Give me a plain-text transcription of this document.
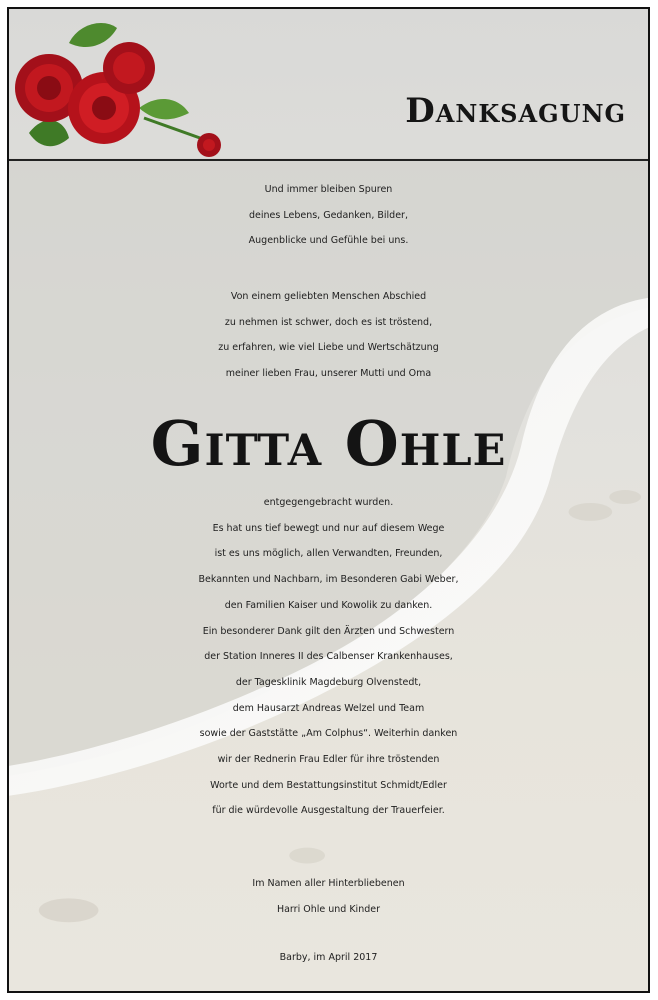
Danksagung
Und immer bleiben Spuren
deines Lebens, Gedanken, Bilder,
Augenblicke und Gefühle bei uns.
Von einem geliebten Menschen Abschied
zu nehmen ist schwer, doch es ist tröstend,
zu erfahren, wie viel Liebe und Wertschätzung
meiner lieben Frau, unserer Mutti und Oma
Gitta Ohle
entgegengebracht wurden.
Es hat uns tief bewegt und nur auf diesem Wege
ist es uns möglich, allen Verwandten, Freunden,
Bekannten und Nachbarn, im Besonderen Gabi Weber,
den Familien Kaiser und Kowolik zu danken.
Ein besonderer Dank gilt den Ärzten und Schwestern
der Station Inneres II des Calbenser Krankenhauses,
der Tagesklinik Magdeburg Olvenstedt,
dem Hausarzt Andreas Welzel und Team
sowie der Gaststätte „Am Colphus“. Weiterhin danken
wir der Rednerin Frau Edler für ihre tröstenden
Worte und dem Bestattungsinstitut Schmidt/Edler
für die würdevolle Ausgestaltung der Trauerfeier.
Im Namen aller Hinterbliebenen
Harri Ohle und Kinder
Barby, im April 2017
